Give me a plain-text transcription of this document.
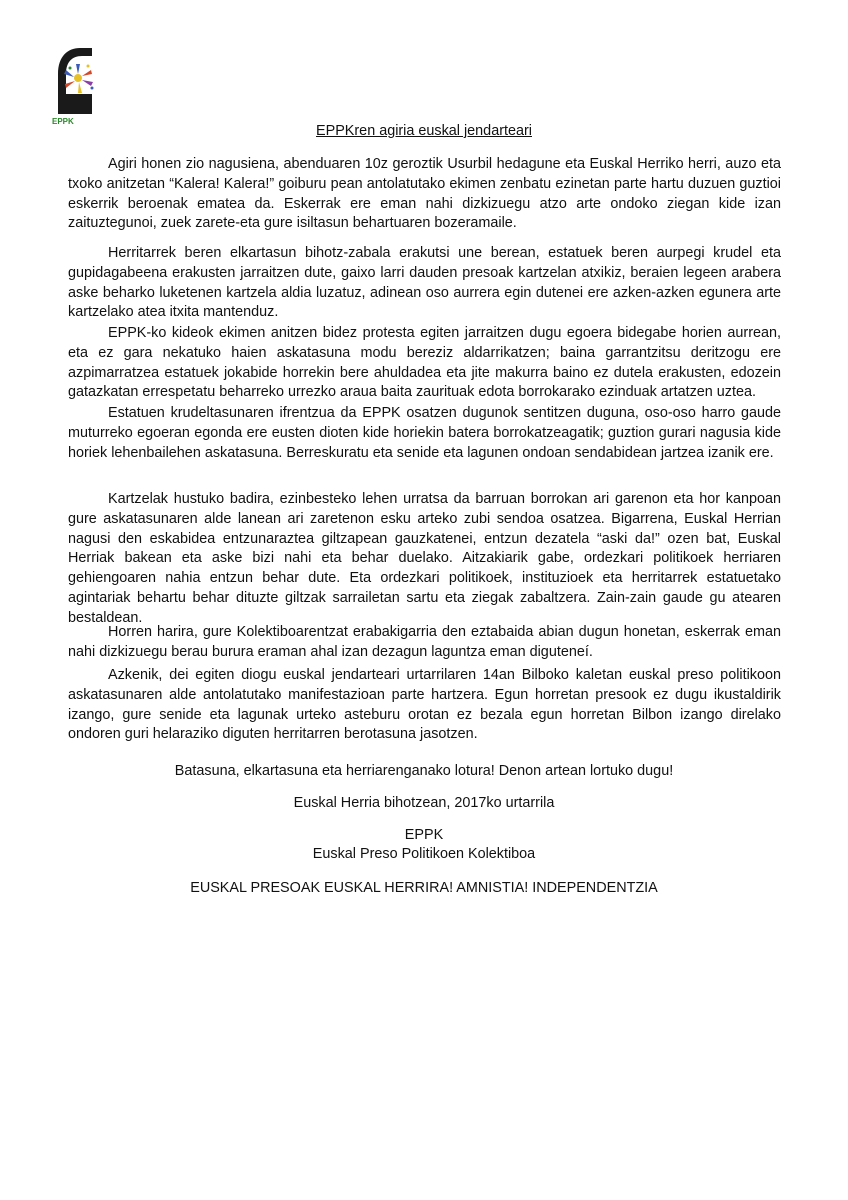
EPPK
EPPKren agiria euskal jendarteari

Agiri honen zio nagusiena, abenduaren 10z geroztik Usurbil hedagune eta Euskal Herriko herri, auzo eta txoko anitzetan “Kalera! Kalera!” goiburu pean antolatutako ekimen zenbatu ezinetan parte hartu duzuen guztioi eskerrik beroenak ematea da. Eskerrak ere eman nahi dizkizuegu atzo arte ondoko ziegan kide izan zaituztegunoi, zuek zarete-eta gure isiltasun behartuaren bozeramaile.

Herritarrek beren elkartasun bihotz-zabala erakutsi une berean, estatuek beren aurpegi krudel eta gupidagabeena erakusten jarraitzen dute, gaixo larri dauden presoak kartzelan atxikiz, beraien legeen arabera aske beharko luketenen kartzela aldia luzatuz, adinean oso aurrera egin dutenei ere azken-azken egunera arte kartzelako atea itxita mantenduz.

EPPK-ko kideok ekimen anitzen bidez protesta egiten jarraitzen dugu egoera bidegabe horien aurrean, eta ez gara nekatuko haien askatasuna modu bereziz aldarrikatzen; baina garrantzitsu deritzogu ere azpimarratzea estatuek jokabide horrekin bere ahuldadea eta jite makurra baino ez dutela erakusten, edozein gatazkatan errespetatu beharreko urrezko araua baita zaurituak edota borrokarako ezinduak artatzen uztea.

Estatuen krudeltasunaren ifrentzua da EPPK osatzen dugunok sentitzen duguna, oso-oso harro gaude muturreko egoeran egonda ere eusten dioten kide horiekin batera borrokatzeagatik; guztion gurari nagusia kide horiek lehenbailehen askatasuna. Berreskuratu eta senide eta lagunen ondoan sendabidean jartzea izanik ere.

Kartzelak hustuko badira, ezinbesteko lehen urratsa da barruan borrokan ari garenon eta hor kanpoan gure askatasunaren alde lanean ari zaretenon esku arteko zubi sendoa osatzea. Bigarrena, Euskal Herrian nagusi den eskabidea entzunaraztea giltzapean gauzkatenei, entzun dezatela “aski da!” ozen bat, Euskal Herriak bakean eta aske bizi nahi eta behar duelako. Aitzakiarik gabe, ordezkari politikoek herriaren gehiengoaren nahia entzun behar dute. Eta ordezkari politikoek, instituzioek eta herritarrek estatuetako agintariak behartu behar dituzte giltzak sarrailetan sartu eta ziegak zabaltzera. Zain-zain gaude gu atearen bestaldean.

Horren harira, gure Kolektiboarentzat erabakigarria den eztabaida abian dugun honetan, eskerrak eman nahi dizkizuegu berau burura eraman ahal izan dezagun laguntza eman diguteneí.

Azkenik, dei egiten diogu euskal jendarteari urtarrilaren 14an Bilboko kaletan euskal preso politikoon askatasunaren alde antolatutako manifestazioan parte hartzera. Egun horretan presook ez dugu ikustaldirik izango, gure senide eta lagunak urteko asteburu orotan ez bezala egun horretan Bilbon izango direlako ondoren guri helaraziko diguten herritarren berotasuna jasotzen.

Batasuna, elkartasuna eta herriarenganako lotura! Denon artean lortuko dugu!

Euskal Herria bihotzean, 2017ko urtarrila

EPPK

Euskal Preso Politikoen Kolektiboa

EUSKAL PRESOAK EUSKAL HERRIRA! AMNISTIA! INDEPENDENTZIA
